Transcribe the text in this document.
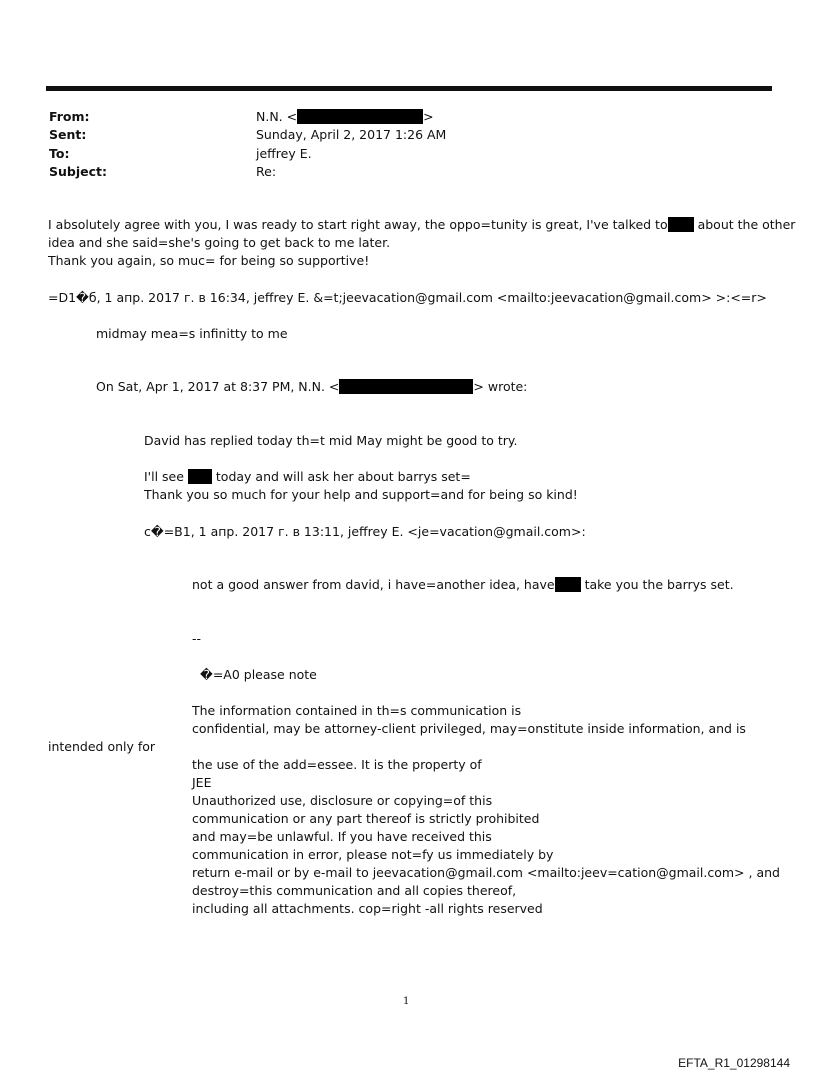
From:	N.N. <	>
Sent:	Sunday, April 2, 2017 1:26 AM
To:	jeffrey E.
Subject:	Re:
I absolutely agree with you, I was ready to start right away, the oppo=tunity is great, I've talked to about the other
idea and she said=she's going to get back to me later.
Thank you again, so muc= for being so supportive!
=D1�б, 1 апр. 2017 г. в 16:34, jeffrey E. &=t;jeevacation@gmail.com <mailto:jeevacation@gmail.com> >:<=r>
midmay mea=s infinitty to me
On Sat, Apr 1, 2017 at 8:37 PM, N.N. <	> wrote:
David has replied today th=t mid May might be good to try.
I'll see	today and will ask her about barrys set=
Thank you so much for your help and support=and for being so kind!
c�=B1, 1 апр. 2017 г. в 13:11, jeffrey E. <je=vacation@gmail.com>:
not a good answer from david, i have=another idea, have take you the barrys set.
--
�=A0 please note
The information contained in th=s communication is
confidential, may be attorney-client privileged, may=onstitute inside information, and is
intended only for
the use of the add=essee. It is the property of
JEE
Unauthorized use, disclosure or copying=of this
communication or any part thereof is strictly prohibited
and may=be unlawful. If you have received this
communication in error, please not=fy us immediately by
return e-mail or by e-mail to jeevacation@gmail.com <mailto:jeev=cation@gmail.com> , and
destroy=this communication and all copies thereof,
including all attachments. cop=right -all rights reserved
1
EFTA_R1_01298144
